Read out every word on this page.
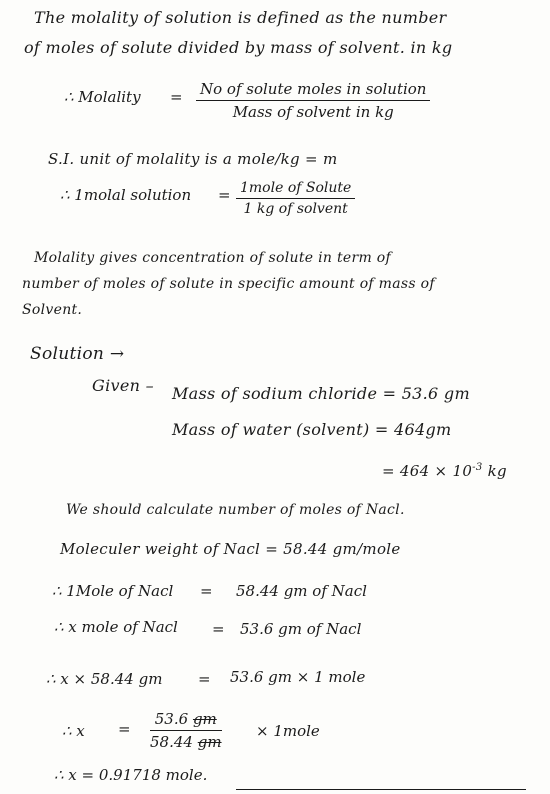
The molality of solution is defined as the number
of moles of solute divided by mass of solvent. in kg
∴ Molality = No of solute moles in solution
Mass of solvent in kg
S.I. unit of molality is a mole/kg = m
∴ 1molal solution = 1mole of Solute
1 kg of solvent
Molality gives concentration of solute in term of
number of moles of solute in specific amount of mass of
Solvent.
Solution →
Given – Mass of sodium chloride = 53.6 gm
Mass of water (solvent) = 464gm
= $464 \times 10^{-3}$ kg
We should calculate number of moles of Nacl.
Moleculer weight of Nacl = 58.44 gm/mole
∴ 1Mole of Nacl = 58.44 gm of Nacl
∴ x mole of Nacl = 53.6 gm of Nacl
∴ x × 58.44 gm = 53.6 gm × 1 mole
∴ $x = \frac{53.6 gm}{58.44 gm}$ × 1mole
∴ x = 0.91718 mole.
